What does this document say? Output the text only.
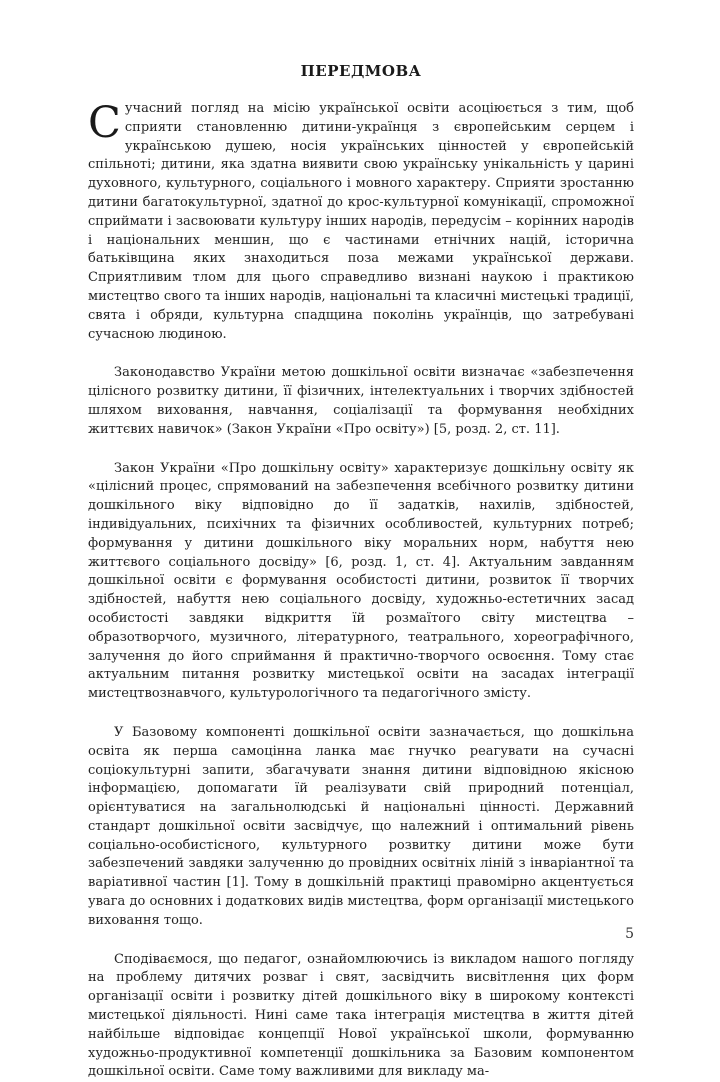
ПЕРЕДМОВА

Сучасний погляд на місію української освіти асоціюється з тим, щоб сприяти становленню дитини-українця з європейським серцем і українською душею, носія українських цінностей у європейській спільноті; дитини, яка здатна виявити свою українську унікальність у царині духовного, культурного, соціального і мовного характеру. Сприяти зростанню дитини багатокультурної, здатної до крос-культурної комунікації, спроможної сприймати і засвоювати культуру інших народів, передусім – корінних народів і національних меншин, що є частинами етнічних націй, історична батьківщина яких знаходиться поза межами української держави. Сприятливим тлом для цього справедливо визнані наукою і практикою мистецтво свого та інших народів, національні та класичні мистецькі традиції, свята і обряди, культурна спадщина поколінь українців, що затребувані сучасною людиною.

Законодавство України метою дошкільної освіти визначає «забезпечення цілісного розвитку дитини, її фізичних, інтелектуальних і творчих здібностей шляхом виховання, навчання, соціалізації та формування необхідних життєвих навичок» (Закон України «Про освіту») [5, розд. 2, ст. 11].

Закон України «Про дошкільну освіту» характеризує дошкільну освіту як «цілісний процес, спрямований на забезпечення всебічного розвитку дитини дошкільного віку відповідно до її задатків, нахилів, здібностей, індивідуальних, психічних та фізичних особливостей, культурних потреб; формування у дитини дошкільного віку моральних норм, набуття нею життєвого соціального досвіду» [6, розд. 1, ст. 4]. Актуальним завданням дошкільної освіти є формування особистості дитини, розвиток її творчих здібностей, набуття нею соціального досвіду, художньо-естетичних засад особистості завдяки відкриття їй розмаїтого світу мистецтва – образотворчого, музичного, літературного, театрального, хореографічного, залучення до його сприймання й практично-творчого освоєння. Тому стає актуальним питання розвитку мистецької освіти на засадах інтеграції мистецтвознавчого, культурологічного та педагогічного змісту.

У Базовому компоненті дошкільної освіти зазначається, що дошкільна освіта як перша самоцінна ланка має гнучко реагувати на сучасні соціокультурні запити, збагачувати знання дитини відповідною якісною інформацією, допомагати їй реалізувати свій природний потенціал, орієнтуватися на загальнолюдські й національні цінності. Державний стандарт дошкільної освіти засвідчує, що належний і оптимальний рівень соціально-особистісного, культурного розвитку дитини може бути забезпечений завдяки залученню до провідних освітніх ліній з інваріантної та варіативної частин [1]. Тому в дошкільній практиці правомірно акцентується увага до основних і додаткових видів мистецтва, форм організації мистецького виховання тощо.

Сподіваємося, що педагог, ознайомлюючись із викладом нашого погляду на проблему дитячих розваг і свят, засвідчить висвітлення цих форм організації освіти і розвитку дітей дошкільного віку в широкому контексті мистецької діяльності. Нині саме така інтеграція мистецтва в життя дітей найбільше відповідає концепції Нової української школи, формуванню художньо-продуктивної компетенції дошкільника за Базовим компонентом дошкільної освіти. Саме тому важливими для викладу ма-

5
